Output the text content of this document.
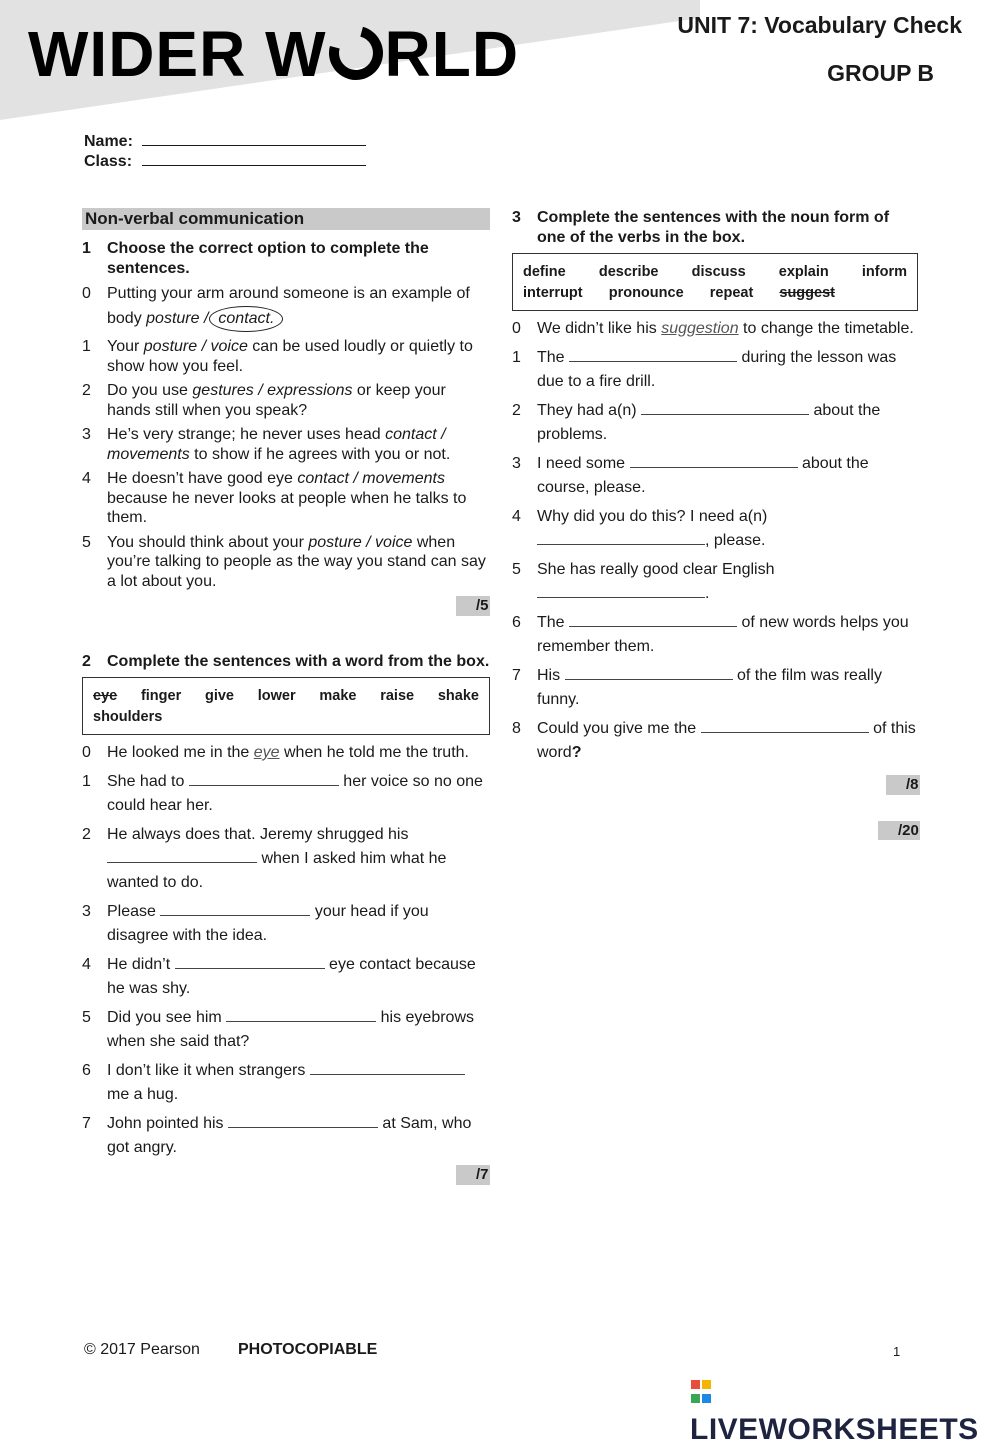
WIDER W RLD	UNIT 7: Vocabulary Check
GROUP B
Name:
Class:
Non-verbal communication
1	Choose the correct option to complete the sentences.
0	Putting your arm around someone is an example of body posture / contact.
1	Your posture / voice can be used loudly or quietly to show how you feel.
2	Do you use gestures / expressions or keep your hands still when you speak?
3	He’s very strange; he never uses head contact / movements to show if he agrees with you or not.
4	He doesn’t have good eye contact / movements because he never looks at people when he talks to them.
5	You should think about your posture / voice when you’re talking to people as the way you stand can say a lot about you.
/5
2	Complete the sentences with a word from the box.
eye finger give lower make raise shake
shoulders
0	He looked me in the eye when he told me the truth.
1	She had to	her voice so no one could hear her.
2	He always does that. Jeremy shrugged his  when I asked him what he wanted to do.
3	Please	your head if you disagree with the idea.
4	He didn’t	eye contact because he was shy.
5	Did you see him	his eyebrows when she said that?
6	I don’t like it when strangers  me a hug.
7	John pointed his	at Sam, who got angry.
/7
3	Complete the sentences with the noun form of one of the verbs in the box.
define describe discuss explain inform
interrupt pronounce repeat suggest
0	We didn’t like his suggestion to change the timetable.
1	The	during the lesson was due to a fire drill.
2	They had a(n)	about the problems.
3	I need some	about the course, please.
4	Why did you do this? I need a(n) , please.
5	She has really good clear English .
6	The	of new words helps you remember them.
7	His	of the film was really funny.
8	Could you give me the	of this word?
/8
/20
© 2017 Pearson PHOTOCOPIABLE	1

LIVEWORKSHEETS
